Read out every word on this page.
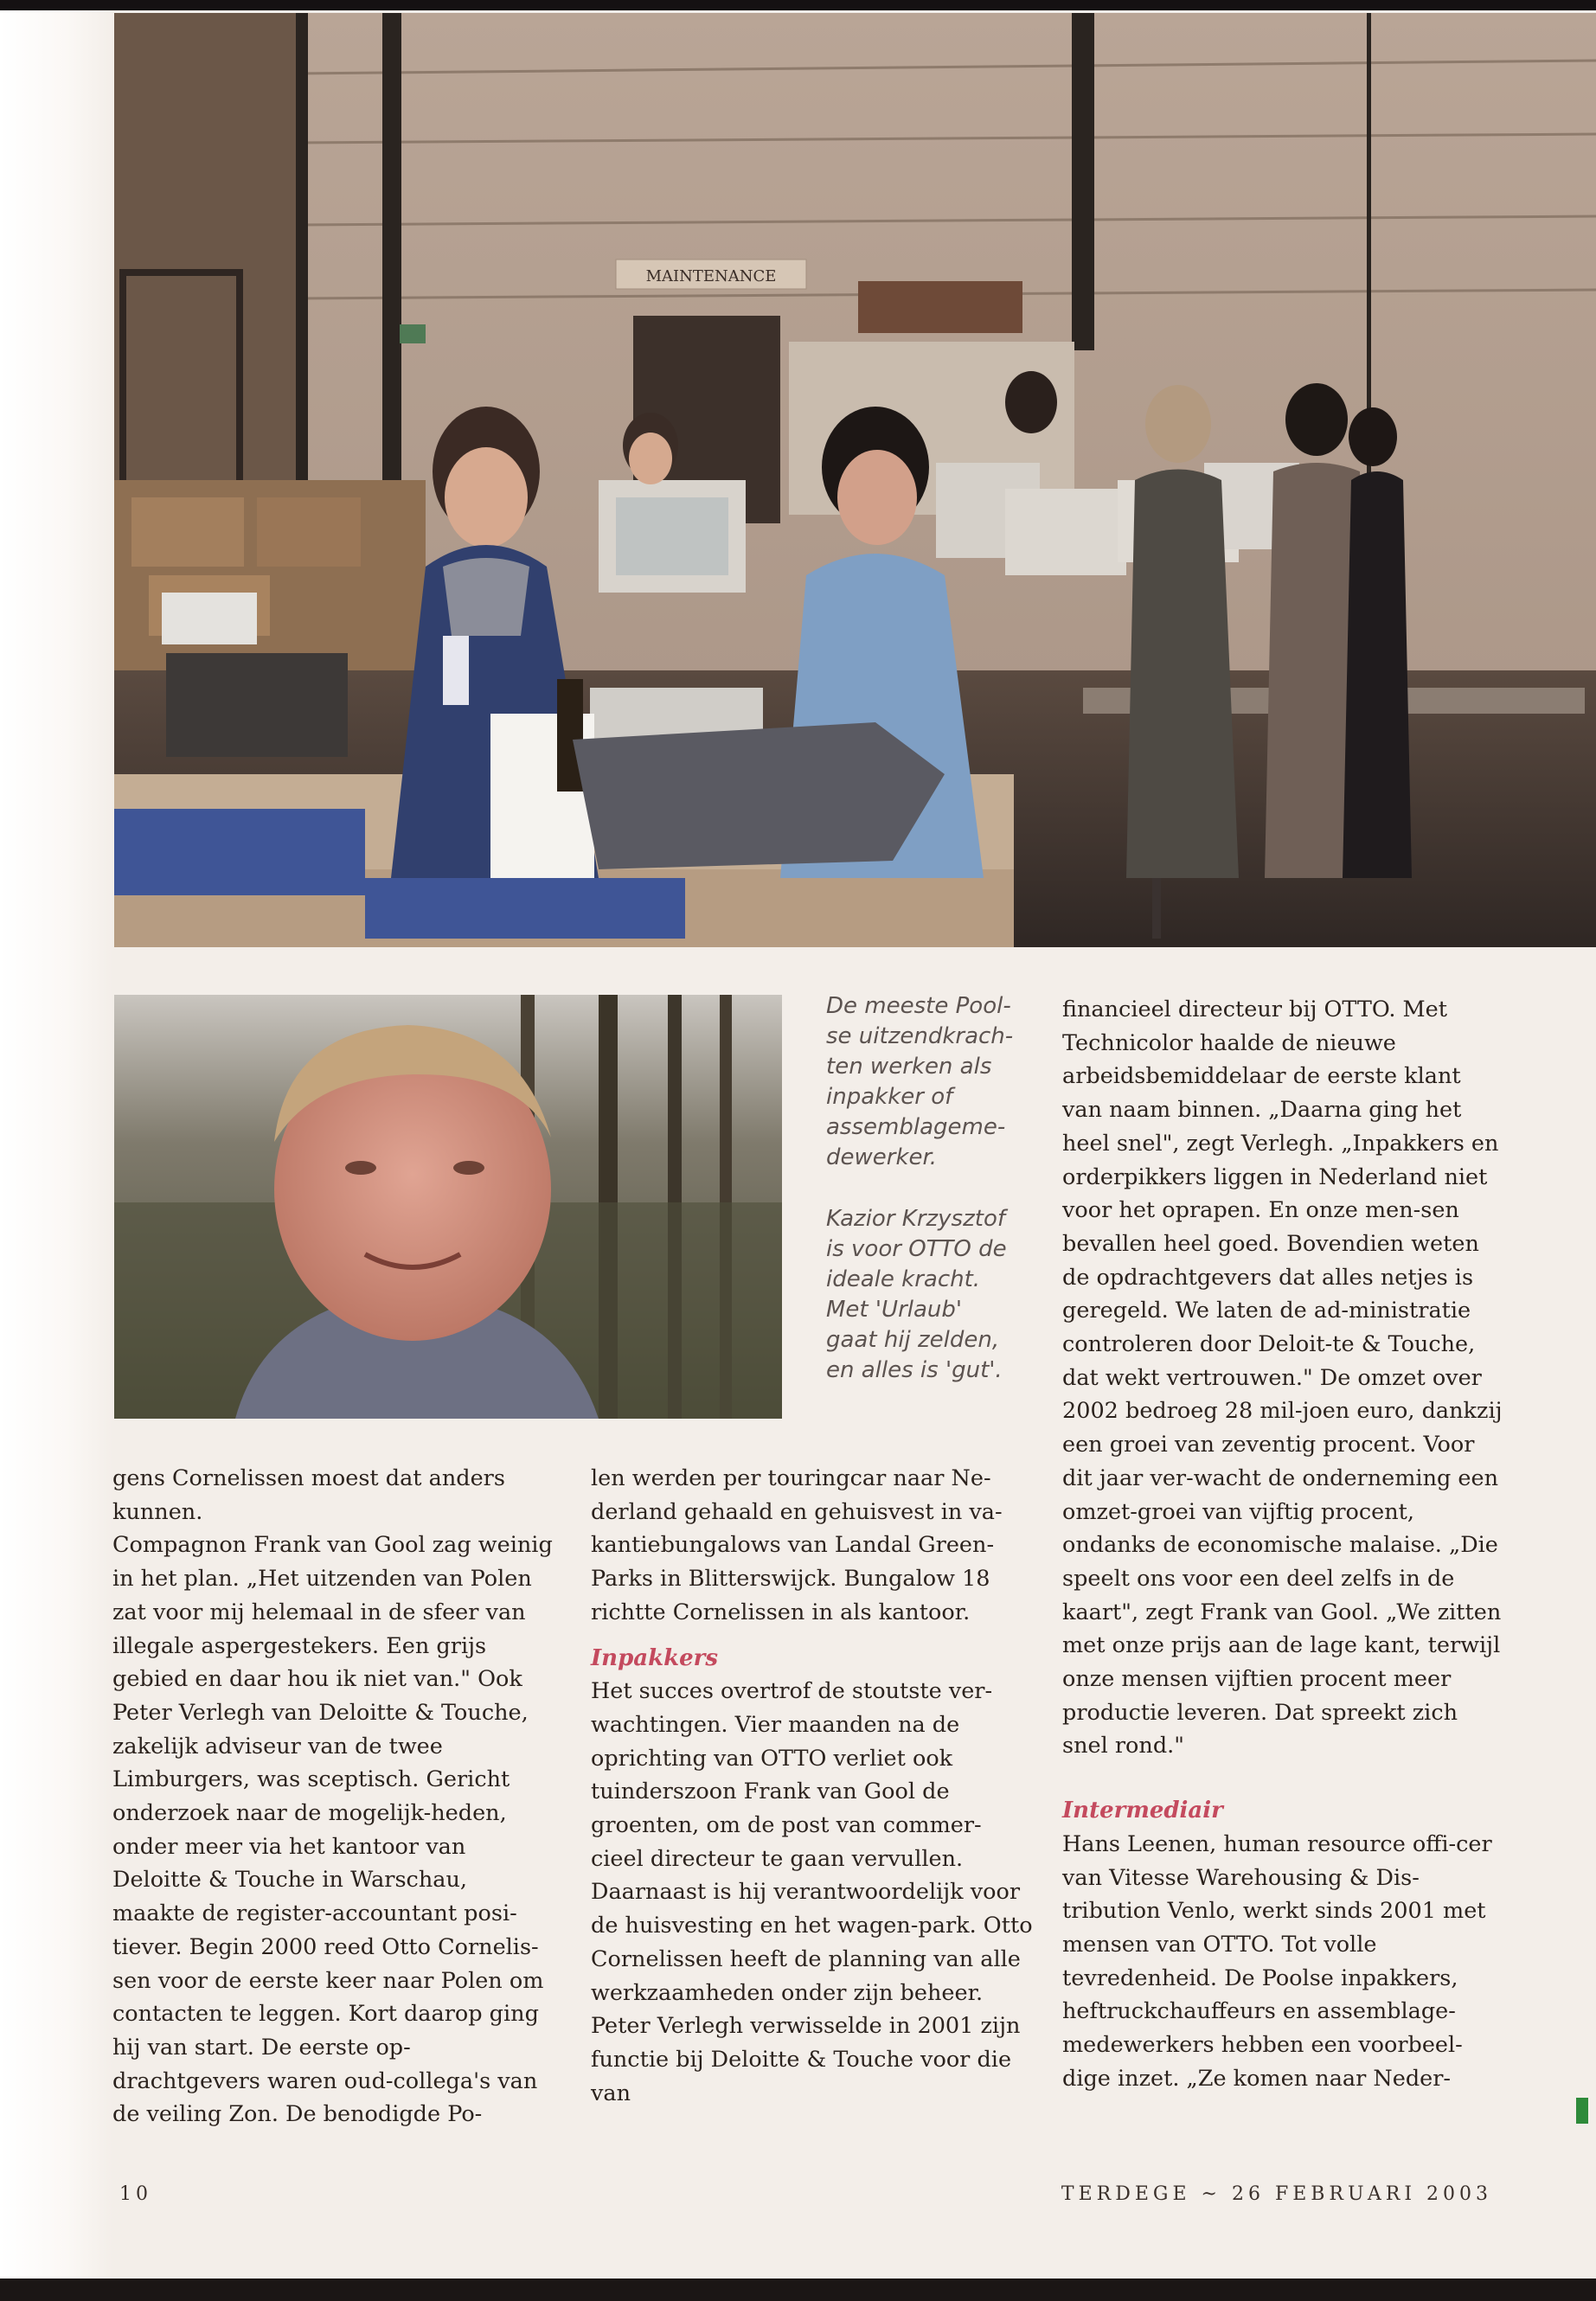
MAINTENANCE

De meeste Pool-se uitzendkrach-ten werken als inpakker of assemblageme-dewerker.

Kazior Krzysztof is voor OTTO de ideale kracht. Met 'Urlaub' gaat hij zelden, en alles is 'gut'.

gens Cornelissen moest dat anders kunnen.

Compagnon Frank van Gool zag weinig in het plan. „Het uitzenden van Polen zat voor mij helemaal in de sfeer van illegale aspergestekers. Een grijs gebied en daar hou ik niet van." Ook Peter Verlegh van Deloitte & Touche, zakelijk adviseur van de twee Limburgers, was sceptisch. Gericht onderzoek naar de mogelijk-heden, onder meer via het kantoor van Deloitte & Touche in Warschau, maakte de register-accountant posi-tiever. Begin 2000 reed Otto Cornelis-sen voor de eerste keer naar Polen om contacten te leggen. Kort daarop ging hij van start. De eerste op-drachtgevers waren oud-collega's van de veiling Zon. De benodigde Po-

len werden per touringcar naar Ne-derland gehaald en gehuisvest in va-kantiebungalows van Landal Green-Parks in Blitterswijck. Bungalow 18 richtte Cornelissen in als kantoor.

Inpakkers

Het succes overtrof de stoutste ver-wachtingen. Vier maanden na de oprichting van OTTO verliet ook tuinderszoon Frank van Gool de groenten, om de post van commer-cieel directeur te gaan vervullen. Daarnaast is hij verantwoordelijk voor de huisvesting en het wagen-park. Otto Cornelissen heeft de planning van alle werkzaamheden onder zijn beheer. Peter Verlegh verwisselde in 2001 zijn functie bij Deloitte & Touche voor die van

financieel directeur bij OTTO. Met Technicolor haalde de nieuwe arbeidsbemiddelaar de eerste klant van naam binnen. „Daarna ging het heel snel", zegt Verlegh. „Inpakkers en orderpikkers liggen in Nederland niet voor het oprapen. En onze men-sen bevallen heel goed. Bovendien weten de opdrachtgevers dat alles netjes is geregeld. We laten de ad-ministratie controleren door Deloit-te & Touche, dat wekt vertrouwen." De omzet over 2002 bedroeg 28 mil-joen euro, dankzij een groei van zeventig procent. Voor dit jaar ver-wacht de onderneming een omzet-groei van vijftig procent, ondanks de economische malaise. „Die speelt ons voor een deel zelfs in de kaart", zegt Frank van Gool. „We zitten met onze prijs aan de lage kant, terwijl onze mensen vijftien procent meer productie leveren. Dat spreekt zich snel rond."

Intermediair

Hans Leenen, human resource offi-cer van Vitesse Warehousing & Dis-tribution Venlo, werkt sinds 2001 met mensen van OTTO. Tot volle tevredenheid. De Poolse inpakkers, heftruckchauffeurs en assemblage-medewerkers hebben een voorbeel-dige inzet. „Ze komen naar Neder-

10	TERDEGE ~ 26 FEBRUARI 2003
